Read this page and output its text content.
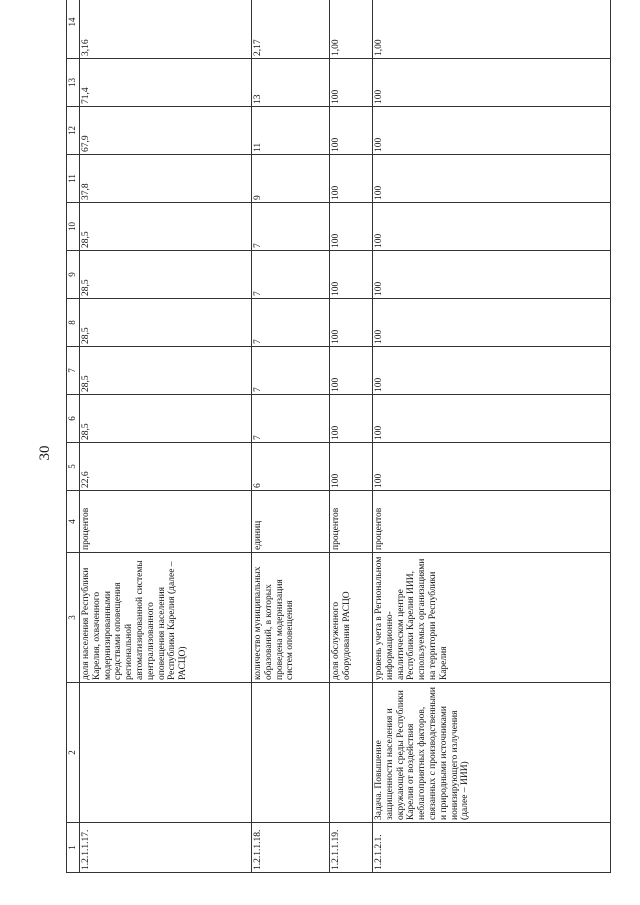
30
1	2	3	4	5	6	7	8	9	10	11	12	13	14
1.2.1.1.17.		доля населения Республики Карелия, охваченного модернизированными средствами оповещения региональной автоматизированной системы централизованного оповещения населения Республики Карелия (далее – РАСЦО)	процентов	22,6	28,5	28,5	28,5	28,5	28,5	37,8	67,9	71,4	3,16
1.2.1.1.18.		количество муниципальных образований, в которых проведена модернизация систем оповещения	единиц	6	7	7	7	7	7	9	11	13	2,17
1.2.1.1.19.		доля обслуженного оборудования РАСЦО	процентов	100	100	100	100	100	100	100	100	100	1,00
1.2.1.2.1.	Задача. Повышение защищенности населения и окружающей среды Республики Карелия от воздействия неблагоприятных факторов, связанных с производственными и природными источниками ионизирующего излучения (далее – ИИИ)	уровень учета в Региональном информационно-аналитическом центре Республики Карелия ИИИ, используемых организациями на территории Республики Карелия	процентов	100	100	100	100	100	100	100	100	100	1,00
